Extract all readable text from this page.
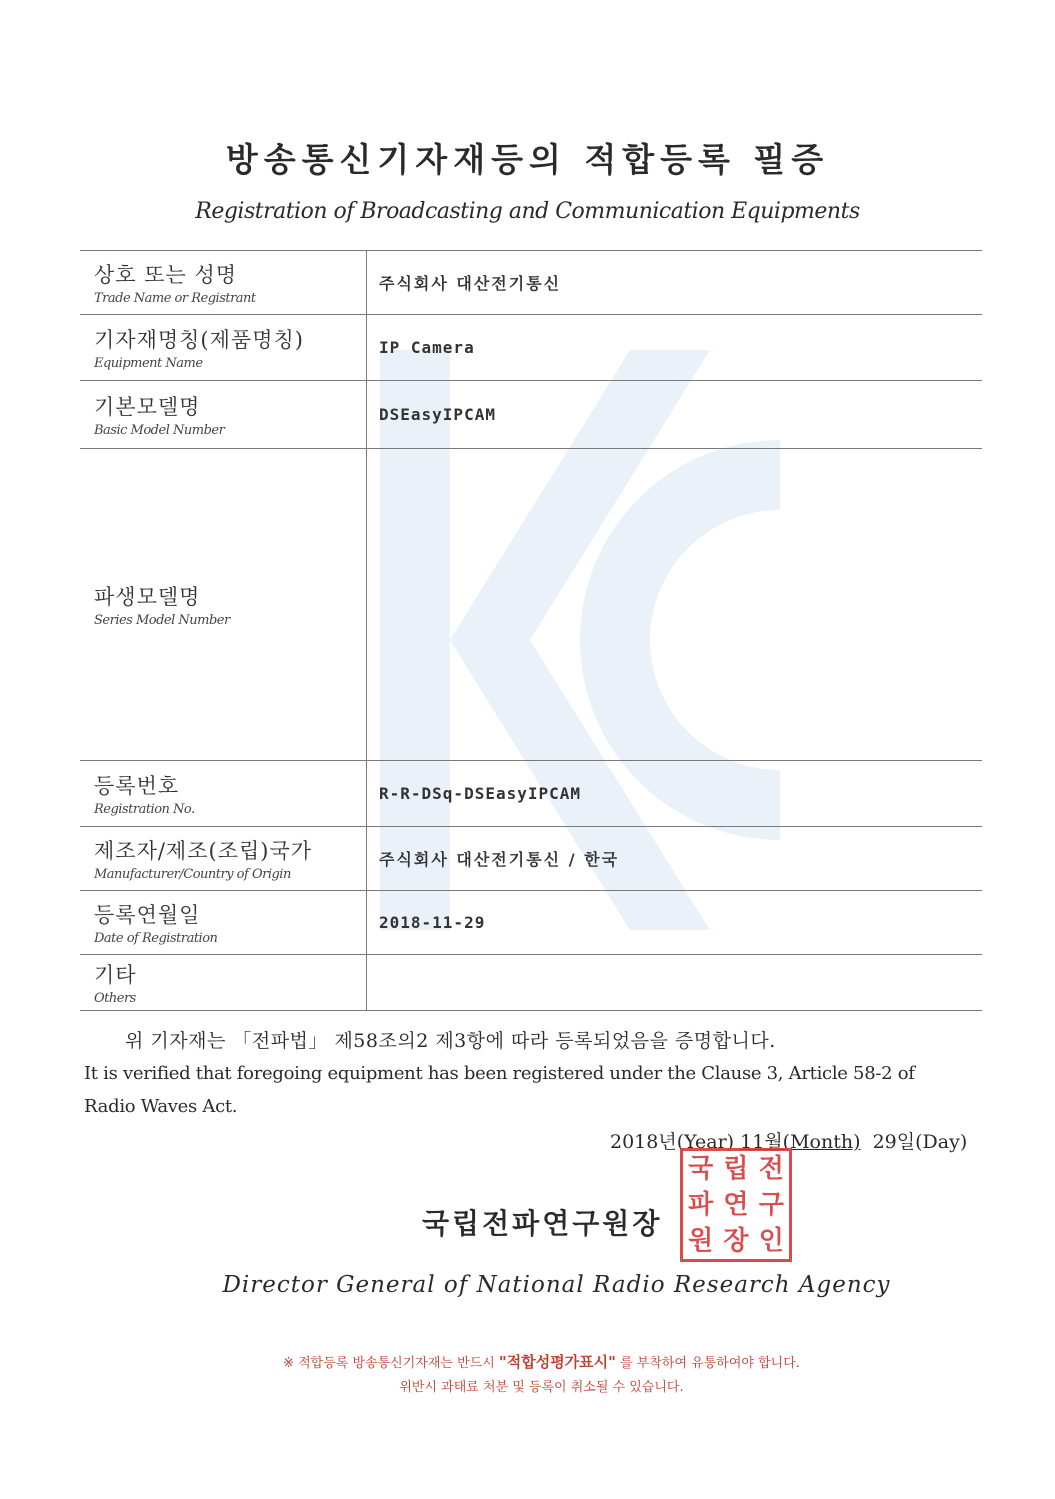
방송통신기자재등의 적합등록 필증
Registration of Broadcasting and Communication Equipments
상호 또는 성명
Trade Name or Registrant	주식회사 대산전기통신

기자재명칭(제품명칭)
Equipment Name	IP Camera

기본모델명
Basic Model Number	DSEasyIPCAM

파생모델명
Series Model Number	

등록번호
Registration No.	R-R-DSq-DSEasyIPCAM

제조자/제조(조립)국가
Manufacturer/Country of Origin	주식회사 대산전기통신 / 한국

등록연월일
Date of Registration	2018-11-29

기타
Others	

위 기자재는 「전파법」 제58조의2 제3항에 따라 등록되었음을 증명합니다.
It is verified that foregoing equipment has been registered under the Clause 3, Article 58-2 of Radio Waves Act.
2018년(Year) 11월(Month) 29일(Day)
국립전파연구원장
국 립 전
파 연 구
원 장 인
Director General of National Radio Research Agency
※ 적합등록 방송통신기자재는 반드시 "적합성평가표시" 를 부착하여 유통하여야 합니다.
위반시 과태료 처분 및 등록이 취소될 수 있습니다.
